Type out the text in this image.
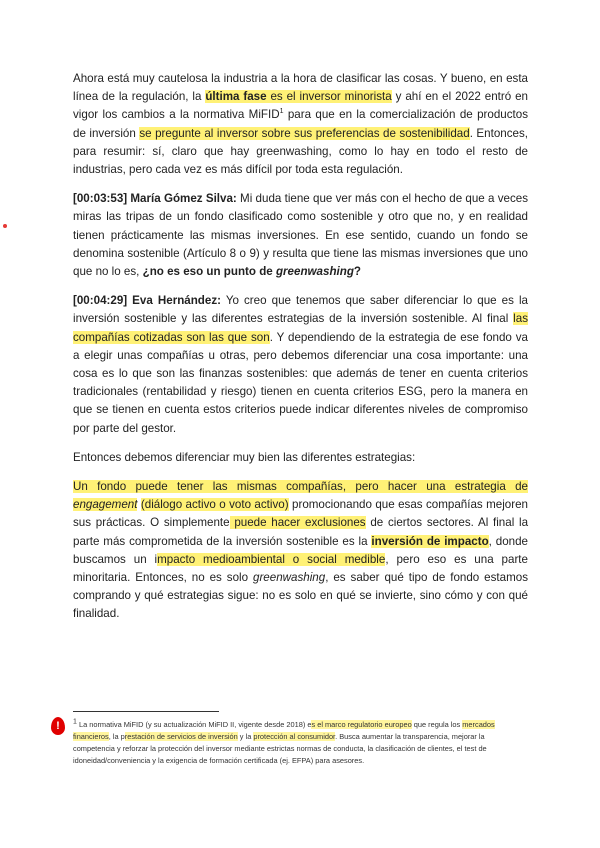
Ahora está muy cautelosa la industria a la hora de clasificar las cosas. Y bueno, en esta línea de la regulación, la última fase es el inversor minorista y ahí en el 2022 entró en vigor los cambios a la normativa MiFID$^1$ para que en la comercialización de productos de inversión se pregunte al inversor sobre sus preferencias de sostenibilidad. Entonces, para resumir: sí, claro que hay greenwashing, como lo hay en todo el resto de industrias, pero cada vez es más difícil por toda esta regulación.

[00:03:53] María Gómez Silva: Mi duda tiene que ver más con el hecho de que a veces miras las tripas de un fondo clasificado como sostenible y otro que no, y en realidad tienen prácticamente las mismas inversiones. En ese sentido, cuando un fondo se denomina sostenible (Artículo 8 o 9) y resulta que tiene las mismas inversiones que uno que no lo es, ¿no es eso un punto de greenwashing?

[00:04:29] Eva Hernández: Yo creo que tenemos que saber diferenciar lo que es la inversión sostenible y las diferentes estrategias de la inversión sostenible. Al final las compañías cotizadas son las que son. Y dependiendo de la estrategia de ese fondo va a elegir unas compañías u otras, pero debemos diferenciar una cosa importante: una cosa es lo que son las finanzas sostenibles: que además de tener en cuenta criterios tradicionales (rentabilidad y riesgo) tienen en cuenta criterios ESG, pero la manera en que se tienen en cuenta estos criterios puede indicar diferentes niveles de compromiso por parte del gestor.

Entonces debemos diferenciar muy bien las diferentes estrategias:

Un fondo puede tener las mismas compañías, pero hacer una estrategia de engagement (diálogo activo o voto activo) promocionando que esas compañías mejoren sus prácticas. O simplemente puede hacer exclusiones de ciertos sectores. Al final la parte más comprometida de la inversión sostenible es la inversión de impacto, donde buscamos un impacto medioambiental o social medible, pero eso es una parte minoritaria. Entonces, no es solo greenwashing, es saber qué tipo de fondo estamos comprando y qué estrategias sigue: no es solo en qué se invierte, sino cómo y con qué finalidad.

!	$^1$ La normativa MiFID (y su actualización MiFID II, vigente desde 2018) es el marco regulatorio europeo que regula los mercados financieros, la prestación de servicios de inversión y la protección al consumidor. Busca aumentar la transparencia, mejorar la competencia y reforzar la protección del inversor mediante estrictas normas de conducta, la clasificación de clientes, el test de idoneidad/conveniencia y la exigencia de formación certificada (ej. EFPA) para asesores.
